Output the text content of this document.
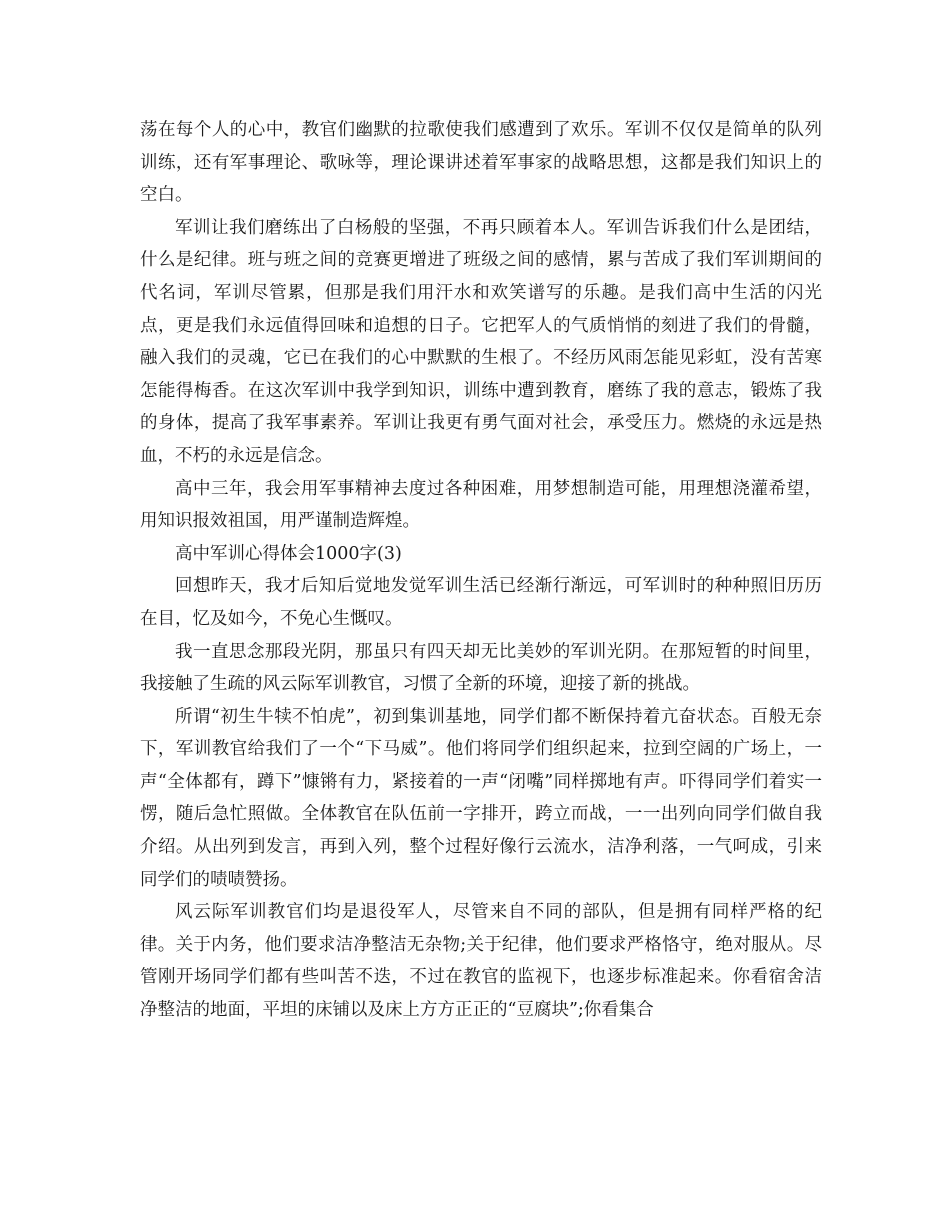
荡在每个人的心中，教官们幽默的拉歌使我们感遭到了欢乐。军训不仅仅是简单的队列训练，还有军事理论、歌咏等，理论课讲述着军事家的战略思想，这都是我们知识上的空白。

军训让我们磨练出了白杨般的坚强，不再只顾着本人。军训告诉我们什么是团结，什么是纪律。班与班之间的竞赛更增进了班级之间的感情，累与苦成了我们军训期间的代名词，军训尽管累，但那是我们用汗水和欢笑谱写的乐趣。是我们高中生活的闪光点，更是我们永远值得回味和追想的日子。它把军人的气质悄悄的刻进了我们的骨髓，融入我们的灵魂，它已在我们的心中默默的生根了。不经历风雨怎能见彩虹，没有苦寒怎能得梅香。在这次军训中我学到知识，训练中遭到教育，磨练了我的意志，锻炼了我的身体，提高了我军事素养。军训让我更有勇气面对社会，承受压力。燃烧的永远是热血，不朽的永远是信念。

高中三年，我会用军事精神去度过各种困难，用梦想制造可能，用理想浇灌希望，用知识报效祖国，用严谨制造辉煌。

高中军训心得体会1000字(3)

回想昨天，我才后知后觉地发觉军训生活已经渐行渐远，可军训时的种种照旧历历在目，忆及如今，不免心生慨叹。

我一直思念那段光阴，那虽只有四天却无比美妙的军训光阴。在那短暂的时间里，我接触了生疏的风云际军训教官，习惯了全新的环境，迎接了新的挑战。

所谓“初生牛犊不怕虎”，初到集训基地，同学们都不断保持着亢奋状态。百般无奈下，军训教官给我们了一个“下马威”。他们将同学们组织起来，拉到空阔的广场上，一声“全体都有，蹲下”慷锵有力，紧接着的一声“闭嘴”同样掷地有声。吓得同学们着实一愣，随后急忙照做。全体教官在队伍前一字排开，跨立而战，一一出列向同学们做自我介绍。从出列到发言，再到入列，整个过程好像行云流水，洁净利落，一气呵成，引来同学们的啧啧赞扬。

风云际军训教官们均是退役军人，尽管来自不同的部队，但是拥有同样严格的纪律。关于内务，他们要求洁净整洁无杂物;关于纪律，他们要求严格恪守，绝对服从。尽管刚开场同学们都有些叫苦不迭，不过在教官的监视下，也逐步标准起来。你看宿舍洁净整洁的地面，平坦的床铺以及床上方方正正的“豆腐块”;你看集合
